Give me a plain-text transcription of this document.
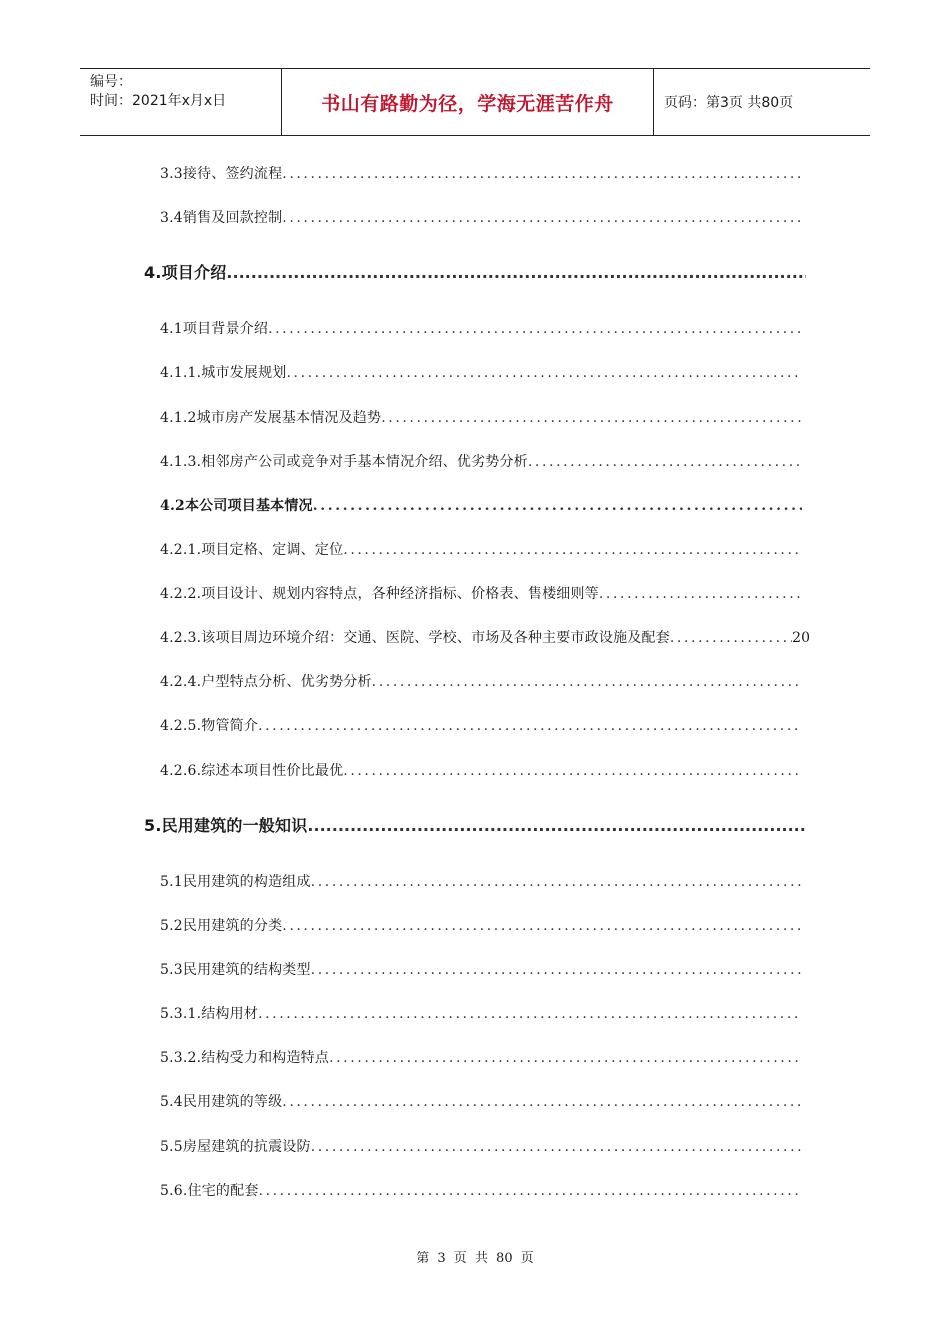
编号：
时间：2021年x月x日	书山有路勤为径，学海无涯苦作舟	页码：第3页 共80页
3.3接待、签约流程
.....
3.4销售及回款控制
.....
4.项目介绍
.....
4.1项目背景介绍
.....
4.1.1.城市发展规划
.....
4.1.2城市房产发展基本情况及趋势
.....
4.1.3.相邻房产公司或竞争对手基本情况介绍、优劣势分析
.....
4.2本公司项目基本情况
.....
4.2.1.项目定格、定调、定位
.....
4.2.2.项目设计、规划内容特点，各种经济指标、价格表、售楼细则等
.....
4.2.3.该项目周边环境介绍：交通、医院、学校、市场及各种主要市政设施及配套
.....	20
4.2.4.户型特点分析、优劣势分析
.....
4.2.5.物管简介
.....
4.2.6.综述本项目性价比最优
.....
5.民用建筑的一般知识
.....
5.1民用建筑的构造组成
.....
5.2民用建筑的分类
.....
5.3民用建筑的结构类型
.....
5.3.1.结构用材
.....
5.3.2.结构受力和构造特点
.....
5.4民用建筑的等级
.....
5.5房屋建筑的抗震设防
.....
5.6.住宅的配套
.....
第 3 页 共 80 页
